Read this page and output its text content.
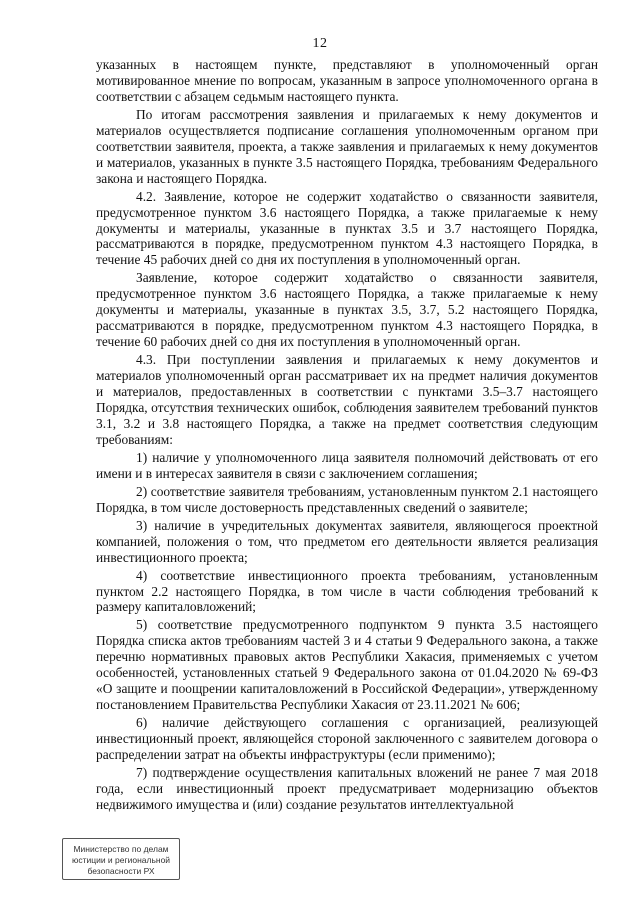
12

указанных в настоящем пункте, представляют в уполномоченный орган мотивированное мнение по вопросам, указанным в запросе уполномоченного органа в соответствии с абзацем седьмым настоящего пункта.

По итогам рассмотрения заявления и прилагаемых к нему документов и материалов осуществляется подписание соглашения уполномоченным органом при соответствии заявителя, проекта, а также заявления и прилагаемых к нему документов и материалов, указанных в пункте 3.5 настоящего Порядка, требованиям Федерального закона и настоящего Порядка.

4.2. Заявление, которое не содержит ходатайство о связанности заявителя, предусмотренное пунктом 3.6 настоящего Порядка, а также прилагаемые к нему документы и материалы, указанные в пунктах 3.5 и 3.7 настоящего Порядка, рассматриваются в порядке, предусмотренном пунктом 4.3 настоящего Порядка, в течение 45 рабочих дней со дня их поступления в уполномоченный орган.

Заявление, которое содержит ходатайство о связанности заявителя, предусмотренное пунктом 3.6 настоящего Порядка, а также прилагаемые к нему документы и материалы, указанные в пунктах 3.5, 3.7, 5.2 настоящего Порядка, рассматриваются в порядке, предусмотренном пунктом 4.3 настоящего Порядка, в течение 60 рабочих дней со дня их поступления в уполномоченный орган.

4.3. При поступлении заявления и прилагаемых к нему документов и материалов уполномоченный орган рассматривает их на предмет наличия документов и материалов, предоставленных в соответствии с пунктами 3.5–3.7 настоящего Порядка, отсутствия технических ошибок, соблюдения заявителем требований пунктов 3.1, 3.2 и 3.8 настоящего Порядка, а также на предмет соответствия следующим требованиям:

1) наличие у уполномоченного лица заявителя полномочий действовать от его имени и в интересах заявителя в связи с заключением соглашения;

2) соответствие заявителя требованиям, установленным пунктом 2.1 настоящего Порядка, в том числе достоверность представленных сведений о заявителе;

3) наличие в учредительных документах заявителя, являющегося проектной компанией, положения о том, что предметом его деятельности является реализация инвестиционного проекта;

4) соответствие инвестиционного проекта требованиям, установленным пунктом 2.2 настоящего Порядка, в том числе в части соблюдения требований к размеру капиталовложений;

5) соответствие предусмотренного подпунктом 9 пункта 3.5 настоящего Порядка списка актов требованиям частей 3 и 4 статьи 9 Федерального закона, а также перечню нормативных правовых актов Республики Хакасия, применяемых с учетом особенностей, установленных статьей 9 Федерального закона от 01.04.2020 № 69-ФЗ «О защите и поощрении капиталовложений в Российской Федерации», утвержденному постановлением Правительства Республики Хакасия от 23.11.2021 № 606;

6) наличие действующего соглашения с организацией, реализующей инвестиционный проект, являющейся стороной заключенного с заявителем договора о распределении затрат на объекты инфраструктуры (если применимо);

7) подтверждение осуществления капитальных вложений не ранее 7 мая 2018 года, если инвестиционный проект предусматривает модернизацию объектов недвижимого имущества и (или) создание результатов интеллектуальной

Министерство по делам
юстиции и региональной
безопасности РХ
